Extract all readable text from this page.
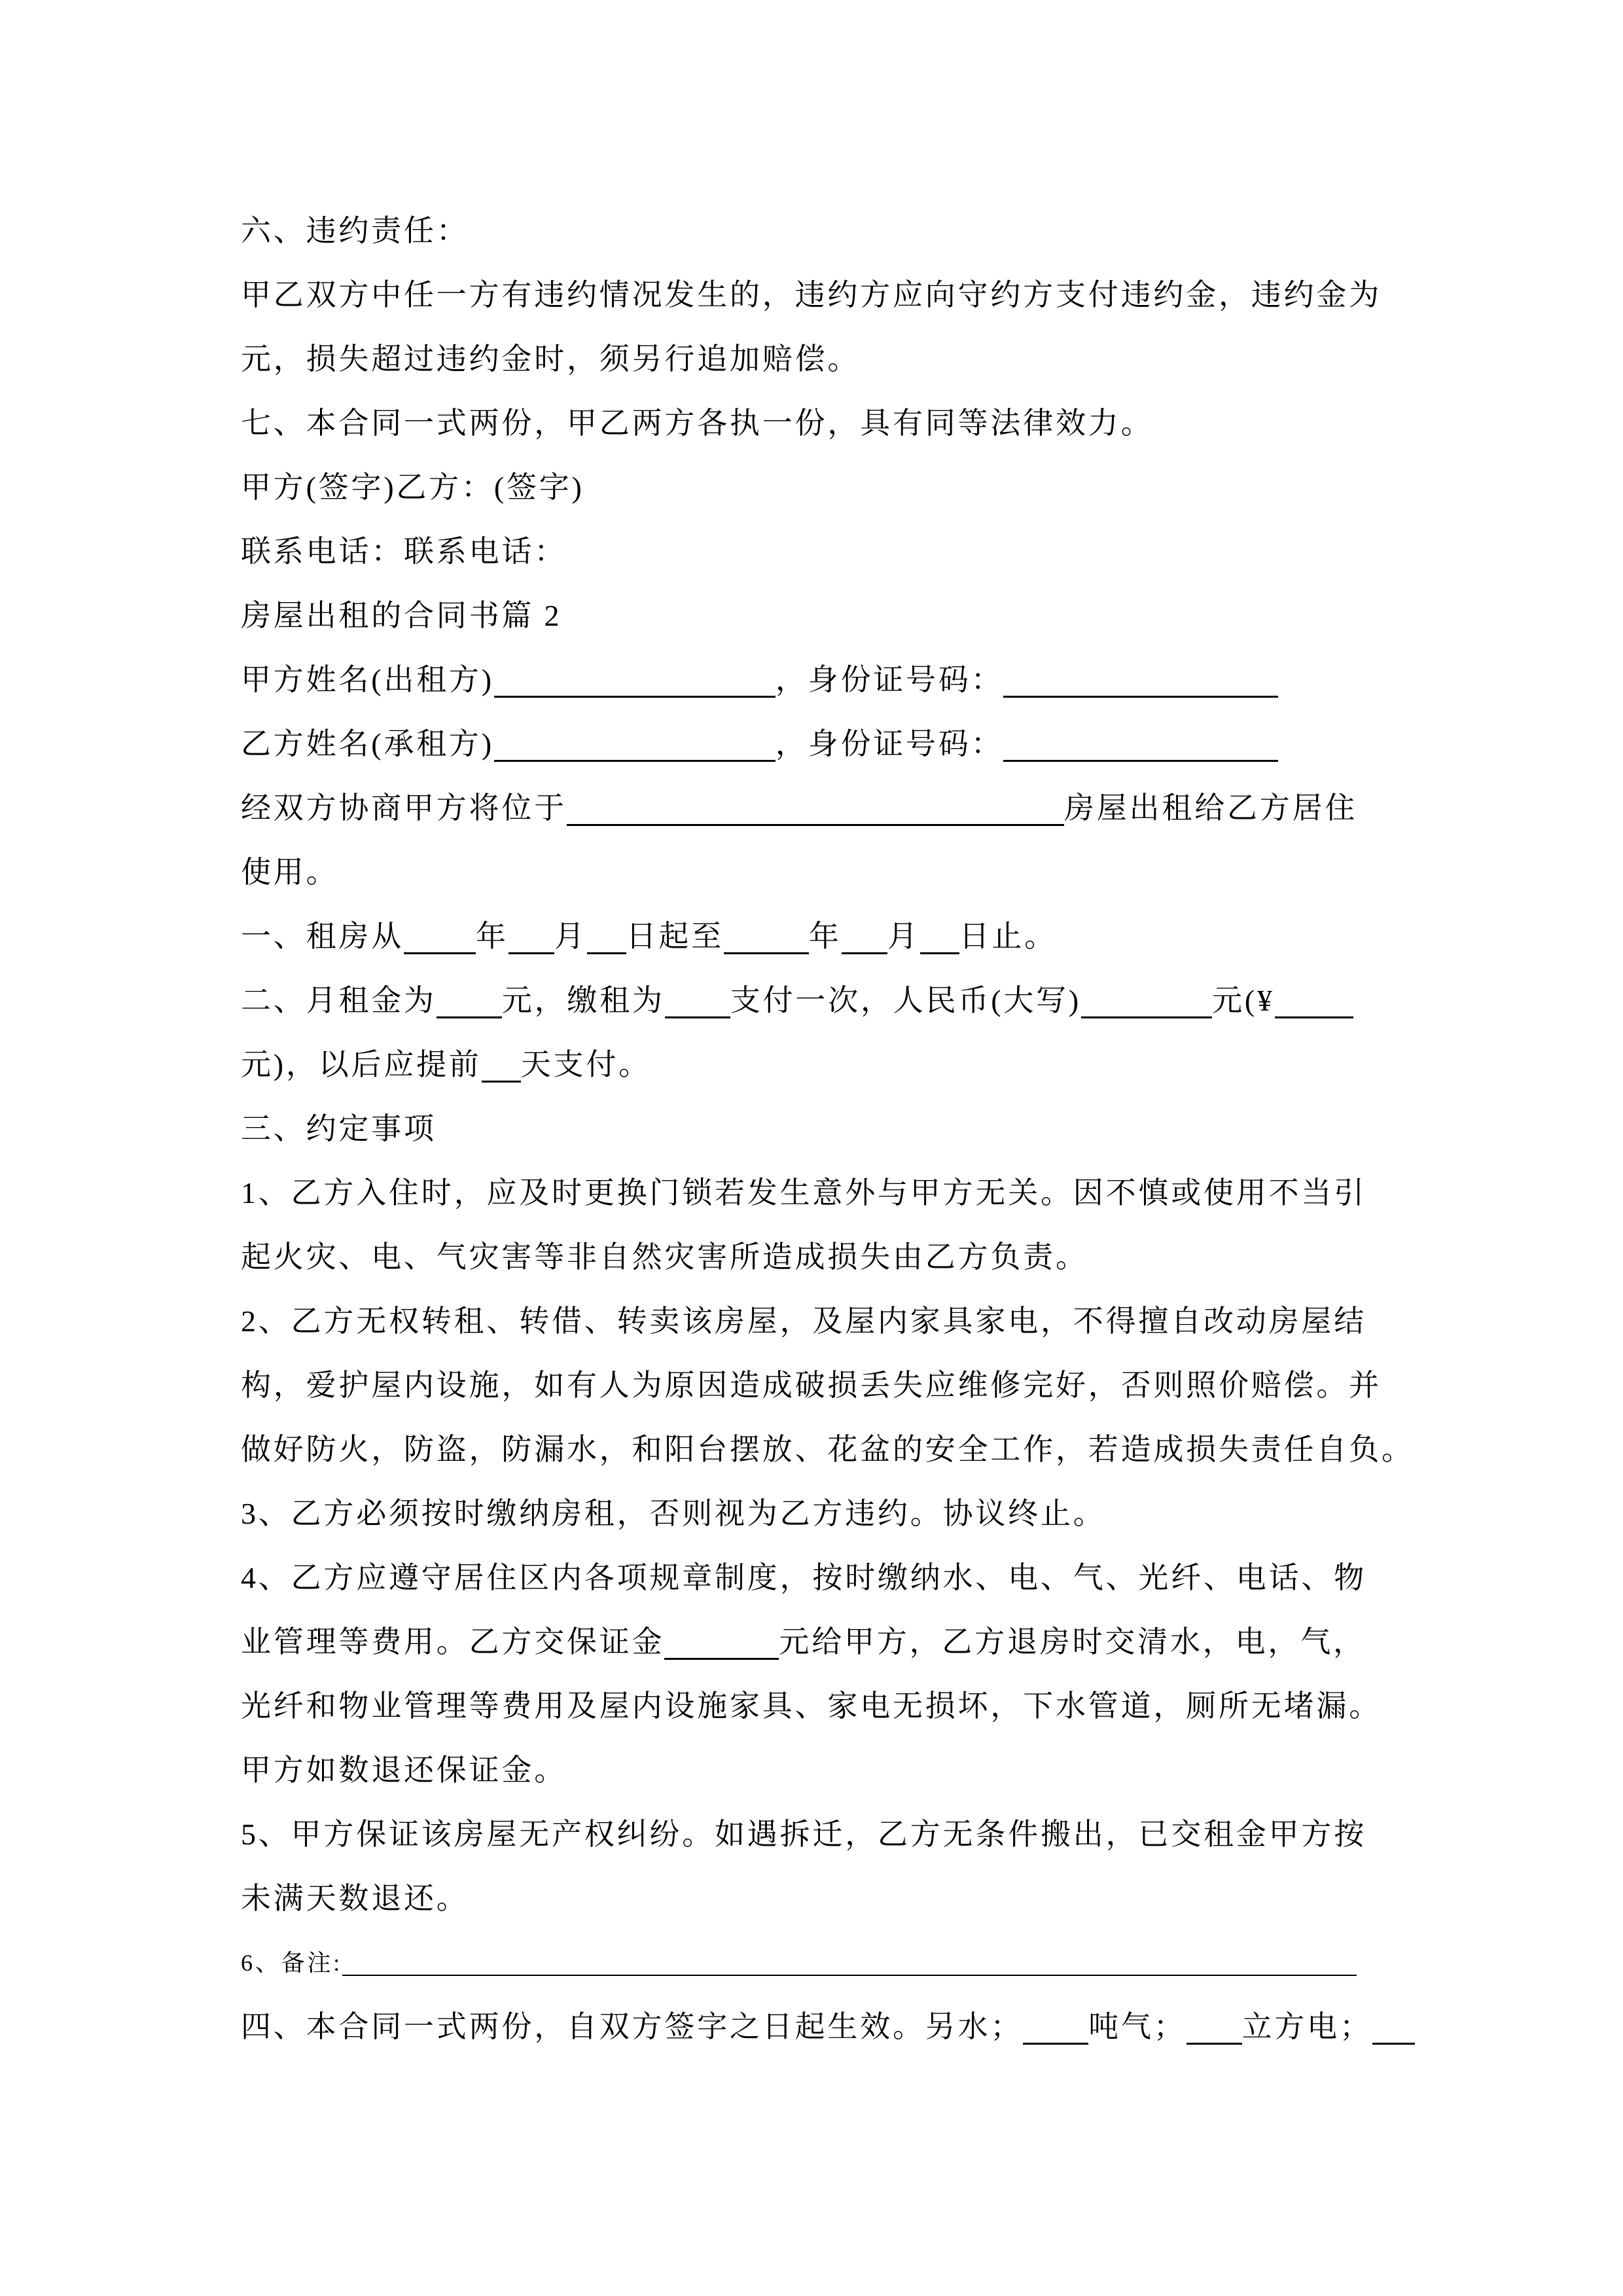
六、违约责任：
甲乙双方中任一方有违约情况发生的，违约方应向守约方支付违约金，违约金为
元，损失超过违约金时，须另行追加赔偿。
七、本合同一式两份，甲乙两方各执一份，具有同等法律效力。
甲方(签字)乙方：(签字)
联系电话：联系电话：
房屋出租的合同书篇 2
甲方姓名(出租方)	，身份证号码：
乙方姓名(承租方)	，身份证号码：
经双方协商甲方将位于	房屋出租给乙方居住
使用。
一、租房从 年 月 日起至	年 月 日止。
二、月租金为 元，缴租为 支付一次，人民币(大写)	元(¥
元)，以后应提前 天支付。
三、约定事项
1、乙方入住时，应及时更换门锁若发生意外与甲方无关。因不慎或使用不当引
起火灾、电、气灾害等非自然灾害所造成损失由乙方负责。
2、乙方无权转租、转借、转卖该房屋，及屋内家具家电，不得擅自改动房屋结
构，爱护屋内设施，如有人为原因造成破损丢失应维修完好，否则照价赔偿。并
做好防火，防盗，防漏水，和阳台摆放、花盆的安全工作，若造成损失责任自负。
3、乙方必须按时缴纳房租，否则视为乙方违约。协议终止。
4、乙方应遵守居住区内各项规章制度，按时缴纳水、电、气、光纤、电话、物
业管理等费用。乙方交保证金	元给甲方，乙方退房时交清水，电，气，
光纤和物业管理等费用及屋内设施家具、家电无损坏，下水管道，厕所无堵漏。
甲方如数退还保证金。
5、甲方保证该房屋无产权纠纷。如遇拆迁，乙方无条件搬出，已交租金甲方按
未满天数退还。
6、备注:
四、本合同一式两份，自双方签字之日起生效。另水； 吨气； 立方电；
